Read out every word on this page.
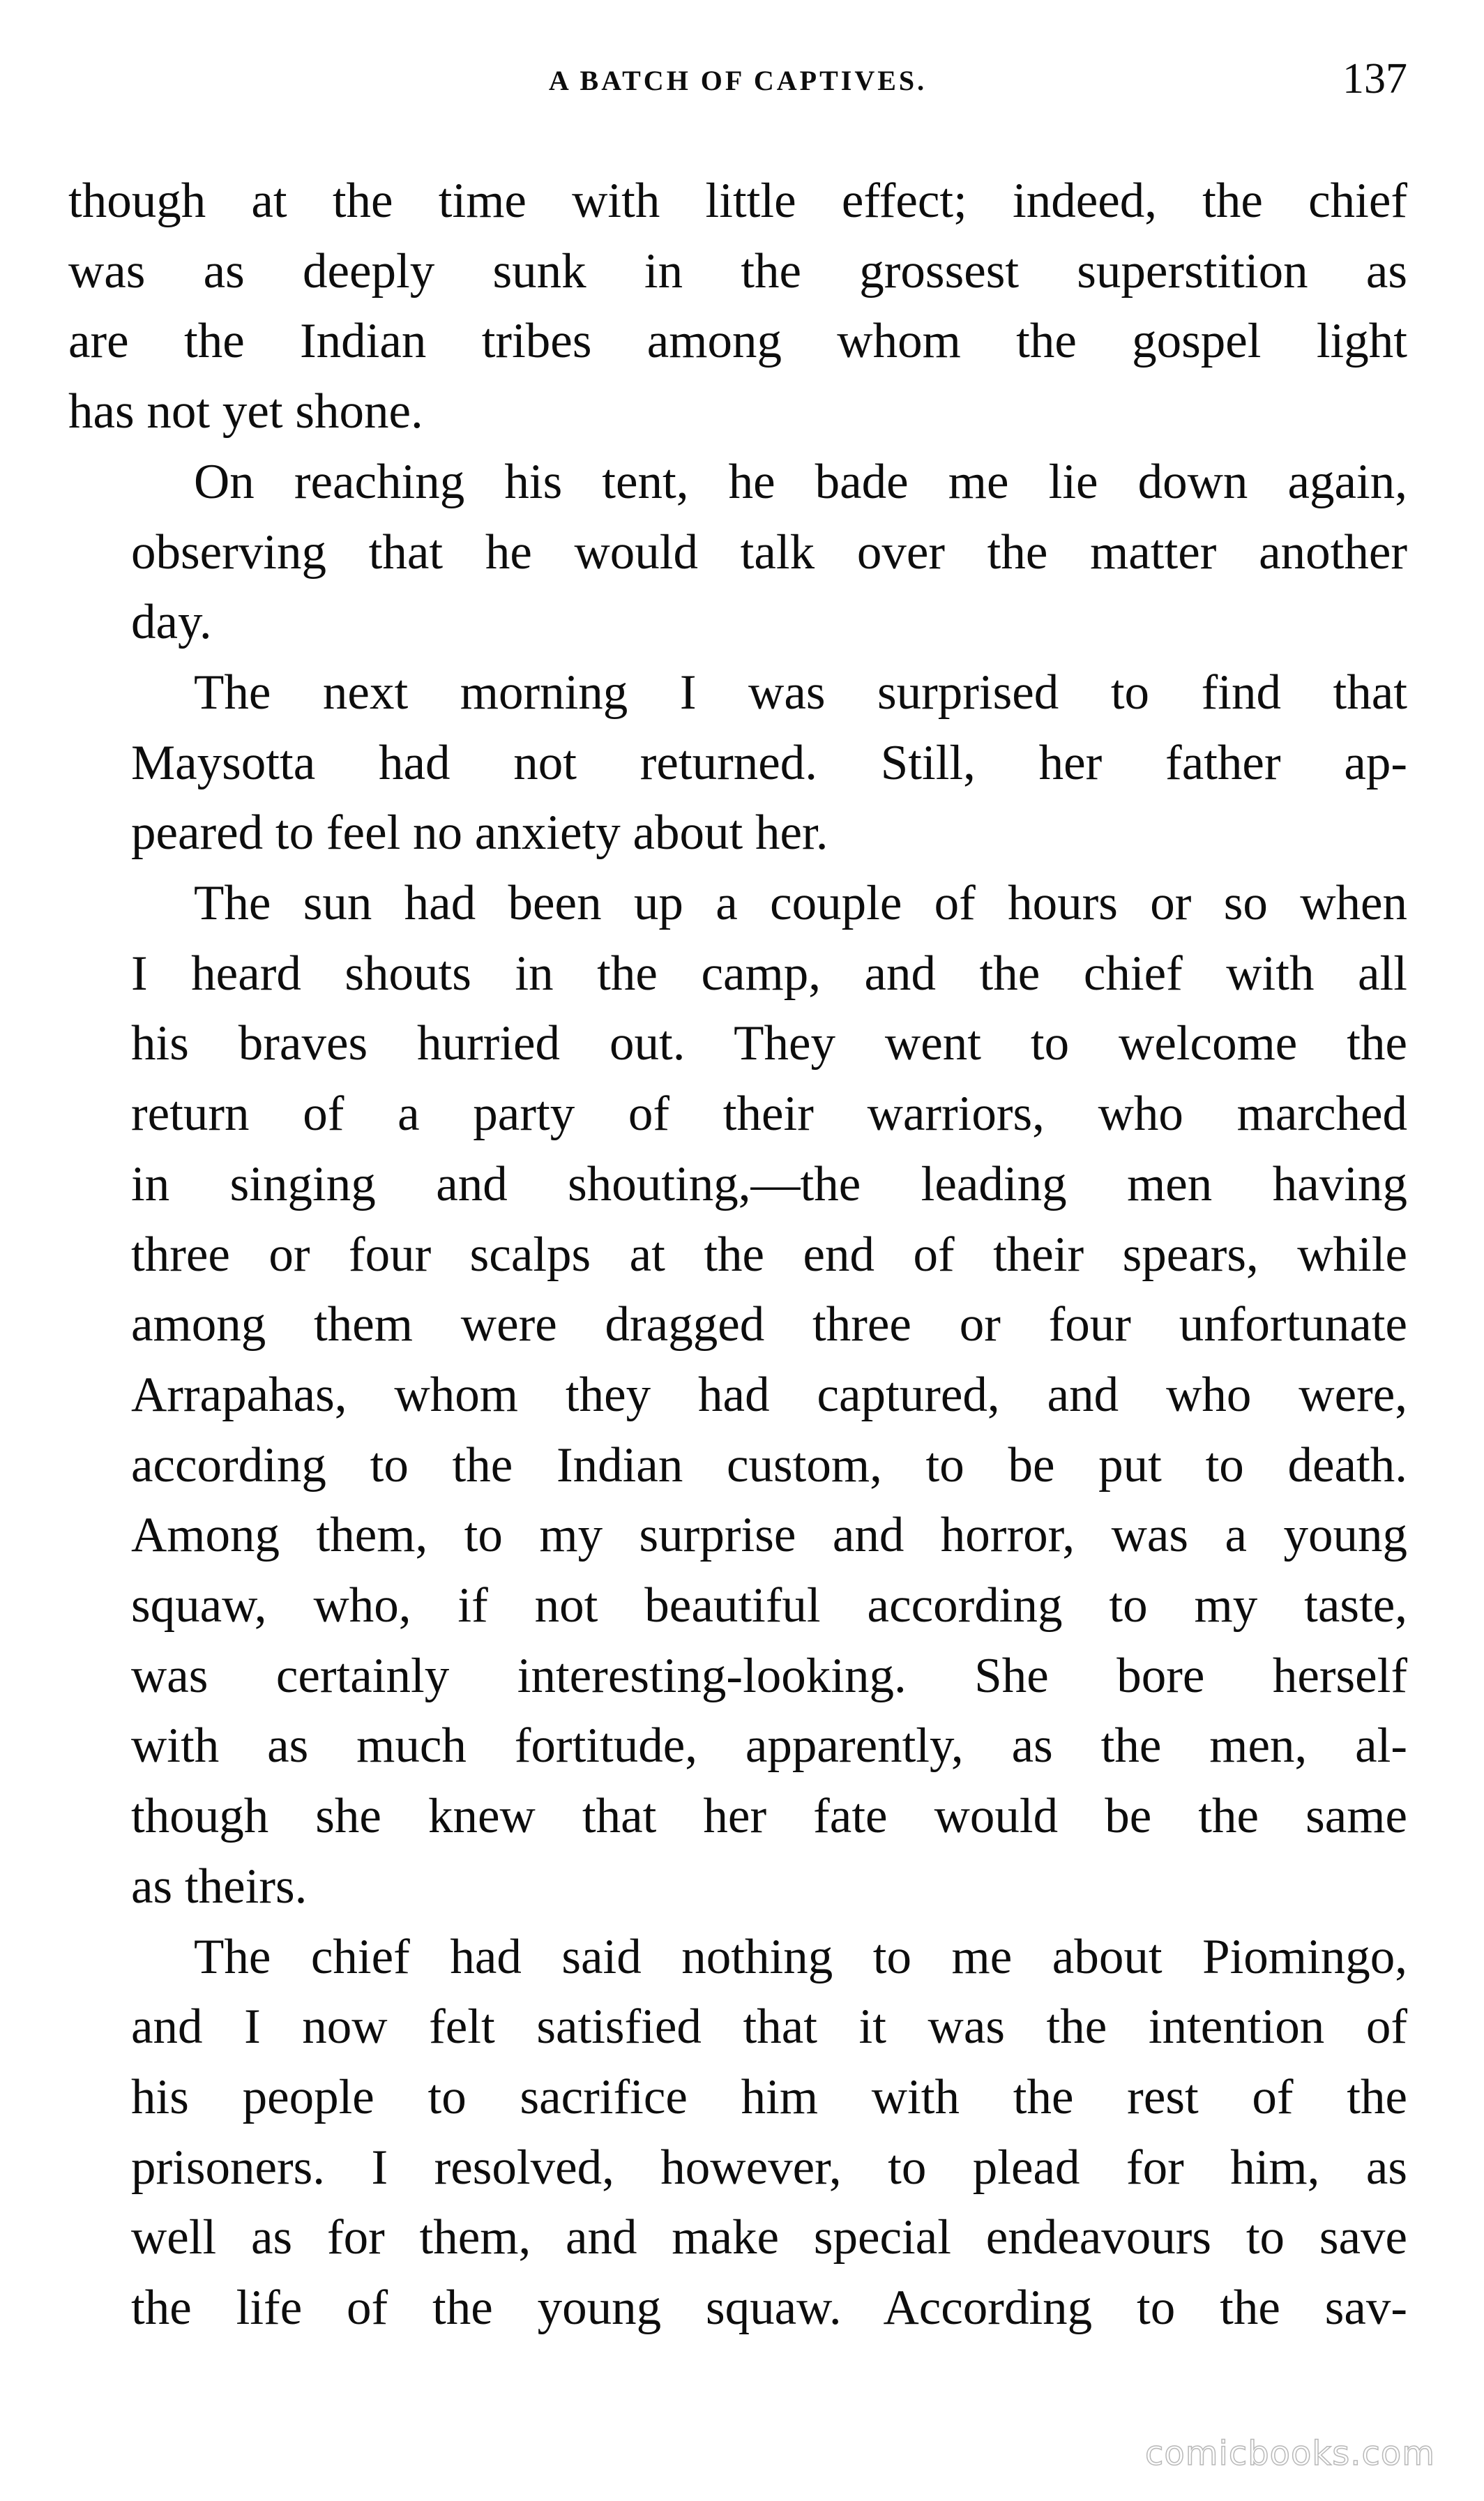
A BATCH OF CAPTIVES.	137
though at the time with little effect; indeed, the chief
was as deeply sunk in the grossest superstition as
are the Indian tribes among whom the gospel light
has not yet shone.
On reaching his tent, he bade me lie down again,
observing that he would talk over the matter another
day.
The next morning I was surprised to find that
Maysotta had not returned. Still, her father ap-
peared to feel no anxiety about her.
The sun had been up a couple of hours or so when
I heard shouts in the camp, and the chief with all
his braves hurried out. They went to welcome the
return of a party of their warriors, who marched
in singing and shouting,—the leading men having
three or four scalps at the end of their spears, while
among them were dragged three or four unfortunate
Arrapahas, whom they had captured, and who were,
according to the Indian custom, to be put to death.
Among them, to my surprise and horror, was a young
squaw, who, if not beautiful according to my taste,
was certainly interesting-looking. She bore herself
with as much fortitude, apparently, as the men, al-
though she knew that her fate would be the same
as theirs.
The chief had said nothing to me about Piomingo,
and I now felt satisfied that it was the intention of
his people to sacrifice him with the rest of the
prisoners. I resolved, however, to plead for him, as
well as for them, and make special endeavours to save
the life of the young squaw. According to the sav-
comicbooks.com
